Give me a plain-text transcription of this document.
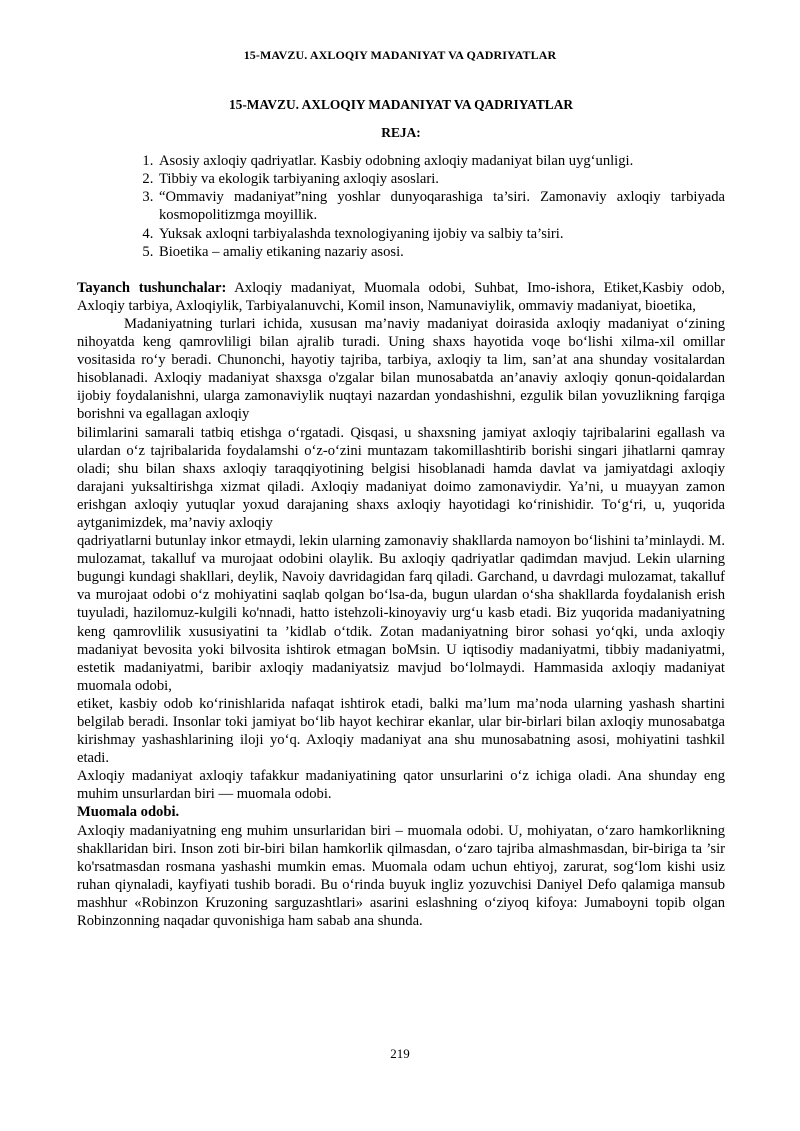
15-MAVZU. AXLOQIY MADANIYAT VA QADRIYATLAR
15-MAVZU. AXLOQIY MADANIYAT VA QADRIYATLAR
REJA:
1. Asosiy axloqiy qadriyatlar. Kasbiy odobning axloqiy madaniyat bilan uyg‘unligi.
2. Tibbiy va ekologik tarbiyaning axloqiy asoslari.
3. “Ommaviy madaniyat”ning yoshlar dunyoqarashiga ta’siri. Zamonaviy axloqiy tarbiyada kosmopolitizmga moyillik.
4. Yuksak axloqni tarbiyalashda texnologiyaning ijobiy va salbiy ta’siri.
5. Bioetika – amaliy etikaning nazariy asosi.

Tayanch tushunchalar: Axloqiy madaniyat, Muomala odobi, Suhbat, Imo-ishora, Etiket,Kasbiy odob, Axloqiy tarbiya, Axloqiylik, Tarbiyalanuvchi, Komil inson, Namunaviylik, ommaviy madaniyat, bioetika,

Madaniyatning turlari ichida, xususan ma’naviy madaniyat doirasida axloqiy madaniyat o‘zining nihoyatda keng qamrovliligi bilan ajralib turadi. Uning shaxs hayotida voqe bo‘lishi xilma-xil omillar vositasida ro‘y beradi. Chunonchi, hayotiy tajriba, tarbiya, axloqiy ta lim, san’at ana shunday vositalardan hisoblanadi. Axloqiy madaniyat shaxsga o'zgalar bilan munosabatda an’anaviy axloqiy qonun-qoidalardan ijobiy foydalanishni, ularga zamonaviylik nuqtayi nazardan yondashishni, ezgulik bilan yovuzlikning farqiga borishni va egallagan axloqiy

bilimlarini samarali tatbiq etishga o‘rgatadi. Qisqasi, u shaxsning jamiyat axloqiy tajribalarini egallash va ulardan o‘z tajribalarida foydalamshi o‘z-o‘zini muntazam takomillashtirib borishi singari jihatlarni qamray oladi; shu bilan shaxs axloqiy taraqqiyotining belgisi hisoblanadi hamda davlat va jamiyatdagi axloqiy darajani yuksaltirishga xizmat qiladi. Axloqiy madaniyat doimo zamonaviydir. Ya’ni, u muayyan zamon erishgan axloqiy yutuqlar yoxud darajaning shaxs axloqiy hayotidagi ko‘rinishidir. To‘g‘ri, u, yuqorida aytganimizdek, ma’naviy axloqiy

qadriyatlarni butunlay inkor etmaydi, lekin ularning zamonaviy shakllarda namoyon bo‘lishini ta’minlaydi. M. mulozamat, takalluf va murojaat odobini olaylik. Bu axloqiy qadriyatlar qadimdan mavjud. Lekin ularning bugungi kundagi shakllari, deylik, Navoiy davridagidan farq qiladi. Garchand, u davrdagi mulozamat, takalluf va murojaat odobi o‘z mohiyatini saqlab qolgan bo‘lsa-da, bugun ulardan o‘sha shakllarda foydalanish erish tuyuladi, hazilomuz-kulgili ko'nnadi, hatto istehzoli-kinoyaviy urg‘u kasb etadi. Biz yuqorida madaniyatning keng qamrovlilik xususiyatini ta ’kidlab o‘tdik. Zotan madaniyatning biror sohasi yo‘qki, unda axloqiy madaniyat bevosita yoki bilvosita ishtirok etmagan boMsin. U iqtisodiy madaniyatmi, tibbiy madaniyatmi, estetik madaniyatmi, baribir axloqiy madaniyatsiz mavjud bo‘lolmaydi. Hammasida axloqiy madaniyat muomala odobi,

etiket, kasbiy odob ko‘rinishlarida nafaqat ishtirok etadi, balki ma’lum ma’noda ularning yashash shartini belgilab beradi. Insonlar toki jamiyat bo‘lib hayot kechirar ekanlar, ular bir-birlari bilan axloqiy munosabatga kirishmay yashashlarining iloji yo‘q. Axloqiy madaniyat ana shu munosabatning asosi, mohiyatini tashkil etadi.

Axloqiy madaniyat axloqiy tafakkur madaniyatining qator unsurlarini o‘z ichiga oladi. Ana shunday eng muhim unsurlardan biri — muomala odobi.

Muomala odobi.

Axloqiy madaniyatning eng muhim unsurlaridan biri – muomala odobi. U, mohiyatan, o‘zaro hamkorlikning shakllaridan biri. Inson zoti bir-biri bilan hamkorlik qilmasdan, o‘zaro tajriba almashmasdan, bir-biriga ta ’sir ko'rsatmasdan rosmana yashashi mumkin emas. Muomala odam uchun ehtiyoj, zarurat, sog‘lom kishi usiz ruhan qiynaladi, kayfiyati tushib boradi. Bu o‘rinda buyuk ingliz yozuvchisi Daniyel Defo qalamiga mansub mashhur «Robinzon Kruzoning sarguzashtlari» asarini eslashning o‘ziyoq kifoya: Jumaboyni topib olgan Robinzonning naqadar quvonishiga ham sabab ana shunda.

219
